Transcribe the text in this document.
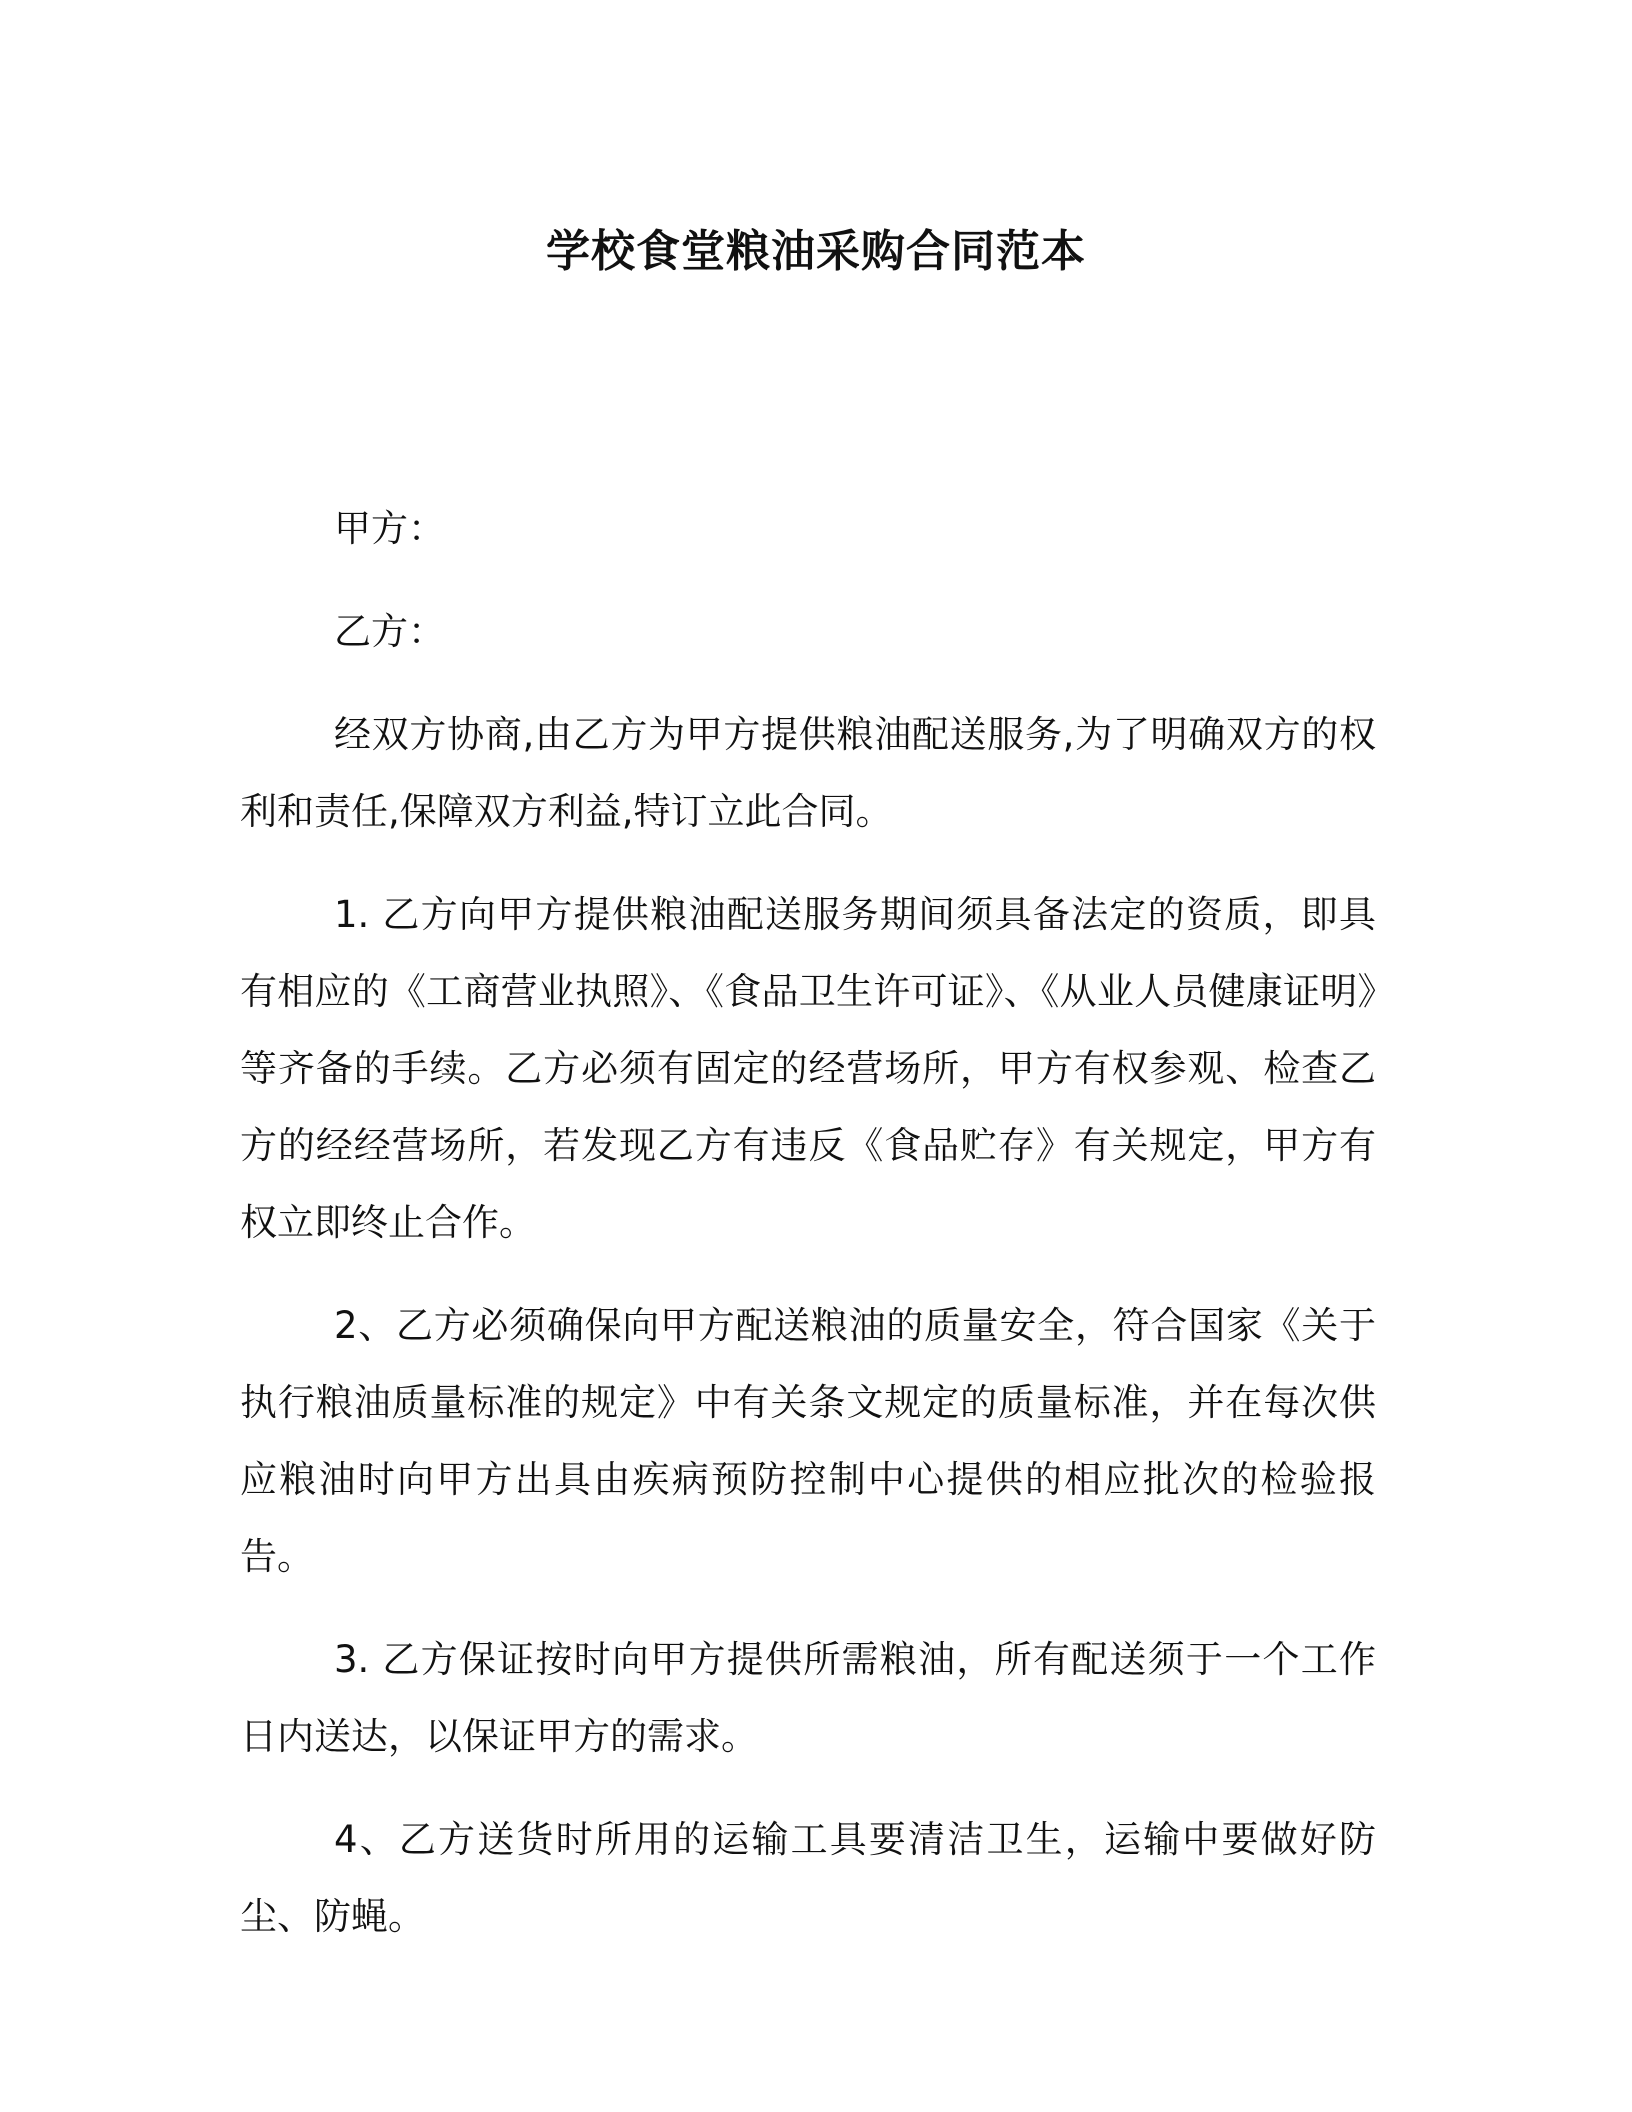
学校食堂粮油采购合同范本

甲方：

乙方：

经双方协商,由乙方为甲方提供粮油配送服务,为了明确双方的权利和责任,保障双方利益,特订立此合同。

1. 乙方向甲方提供粮油配送服务期间须具备法定的资质，即具有相应的《工商营业执照》、《食品卫生许可证》、《从业人员健康证明》等齐备的手续。乙方必须有固定的经营场所，甲方有权参观、检查乙方的经经营场所，若发现乙方有违反《食品贮存》有关规定，甲方有权立即终止合作。

2、乙方必须确保向甲方配送粮油的质量安全，符合国家《关于执行粮油质量标准的规定》中有关条文规定的质量标准，并在每次供应粮油时向甲方出具由疾病预防控制中心提供的相应批次的检验报告。

3. 乙方保证按时向甲方提供所需粮油，所有配送须于一个工作日内送达，以保证甲方的需求。

4、乙方送货时所用的运输工具要清洁卫生，运输中要做好防尘、防蝇。
